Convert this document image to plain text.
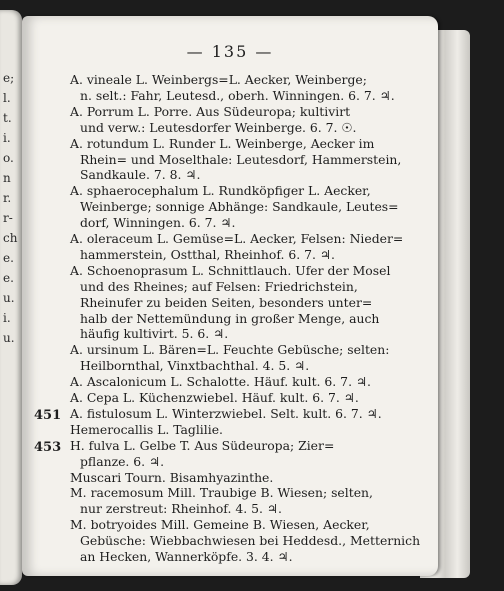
e;
l.
t.
i.
o.
n
r.
r-
ch
e.
e.
u.
i.
u.
— 135 —
A. vineale L. Weinbergs=L. Aecker, Weinberge;
n. selt.: Fahr, Leutesd., oberh. Winningen. 6. 7. ♃.
A. Porrum L. Porre. Aus Südeuropa; kultivirt
und verw.: Leutesdorfer Weinberge. 6. 7. ☉.
A. rotundum L. Runder L. Weinberge, Aecker im
Rhein= und Moselthale: Leutesdorf, Hammerstein,
Sandkaule. 7. 8. ♃.
A. sphaerocephalum L. Rundköpfiger L. Aecker,
Weinberge; sonnige Abhänge: Sandkaule, Leutes=
dorf, Winningen. 6. 7. ♃.
A. oleraceum L. Gemüse=L. Aecker, Felsen: Nieder=
hammerstein, Ostthal, Rheinhof. 6. 7. ♃.
A. Schoenoprasum L. Schnittlauch. Ufer der Mosel
und des Rheines; auf Felsen: Friedrichstein,
Rheinufer zu beiden Seiten, besonders unter=
halb der Nettemündung in großer Menge, auch
häufig kultivirt. 5. 6. ♃.
A. ursinum L. Bären=L. Feuchte Gebüsche; selten:
Heilbornthal, Vinxtbachthal. 4. 5. ♃.
A. Ascalonicum L. Schalotte. Häuf. kult. 6. 7. ♃.
A. Cepa L. Küchenzwiebel. Häuf. kult. 6. 7. ♃.
A. fistulosum L. Winterzwiebel. Selt. kult. 6. 7. ♃.
Hemerocallis L. Taglilie.
H. fulva L. Gelbe T. Aus Südeuropa; Zier=
pflanze. 6. ♃.
Muscari Tourn. Bisamhyazinthe.
M. racemosum Mill. Traubige B. Wiesen; selten,
nur zerstreut: Rheinhof. 4. 5. ♃.
M. botryoides Mill. Gemeine B. Wiesen, Aecker,
Gebüsche: Wiebbachwiesen bei Heddesd., Metternich
an Hecken, Wannerköpfe. 3. 4. ♃.
451
453
